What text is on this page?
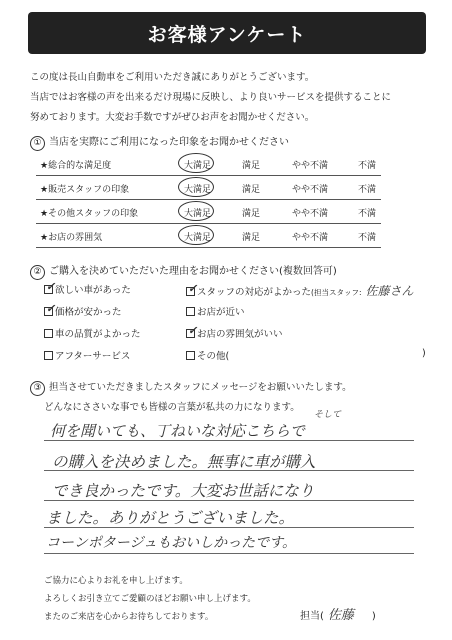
お客様アンケート
この度は長山自動車をご利用いただき誠にありがとうございます。
当店ではお客様の声を出来るだけ現場に反映し、より良いサービスを提供することに
努めております。大変お手数ですがぜひお声をお聞かせください。
① 当店を実際にご利用になった印象をお聞かせください
★総合的な満足度	大満足	満足	やや不満	不満
★販売スタッフの印象	大満足	満足	やや不満	不満
★その他スタッフの印象	大満足	満足	やや不満	不満
★お店の雰囲気	大満足	満足	やや不満	不満
② ご購入を決めていただいた理由をお聞かせください(複数回答可)
✓ 欲しい車があった	✓ スタッフの対応がよかった(担当スタッフ: 佐藤さん
✓ 価格が安かった	お店が近い
車の品質がよかった	✓ お店の雰囲気がいい
アフターサービス	その他(	)
③ 担当させていただきましたスタッフにメッセージをお願いいたします。
どんなにささいな事でも皆様の言葉が私共の力になります。
そして
何を聞いても、丁ねいな対応こちらで
の購入を決めました。無事に車が購入
でき良かったです。大変お世話になり
ました。ありがとうございました。
コーンポタージュもおいしかったです。
ご協力に心よりお礼を申し上げます。
よろしくお引き立てご愛顧のほどお願い申し上げます。
またのご来店を心からお待ちしております。	担当( 佐藤 )
